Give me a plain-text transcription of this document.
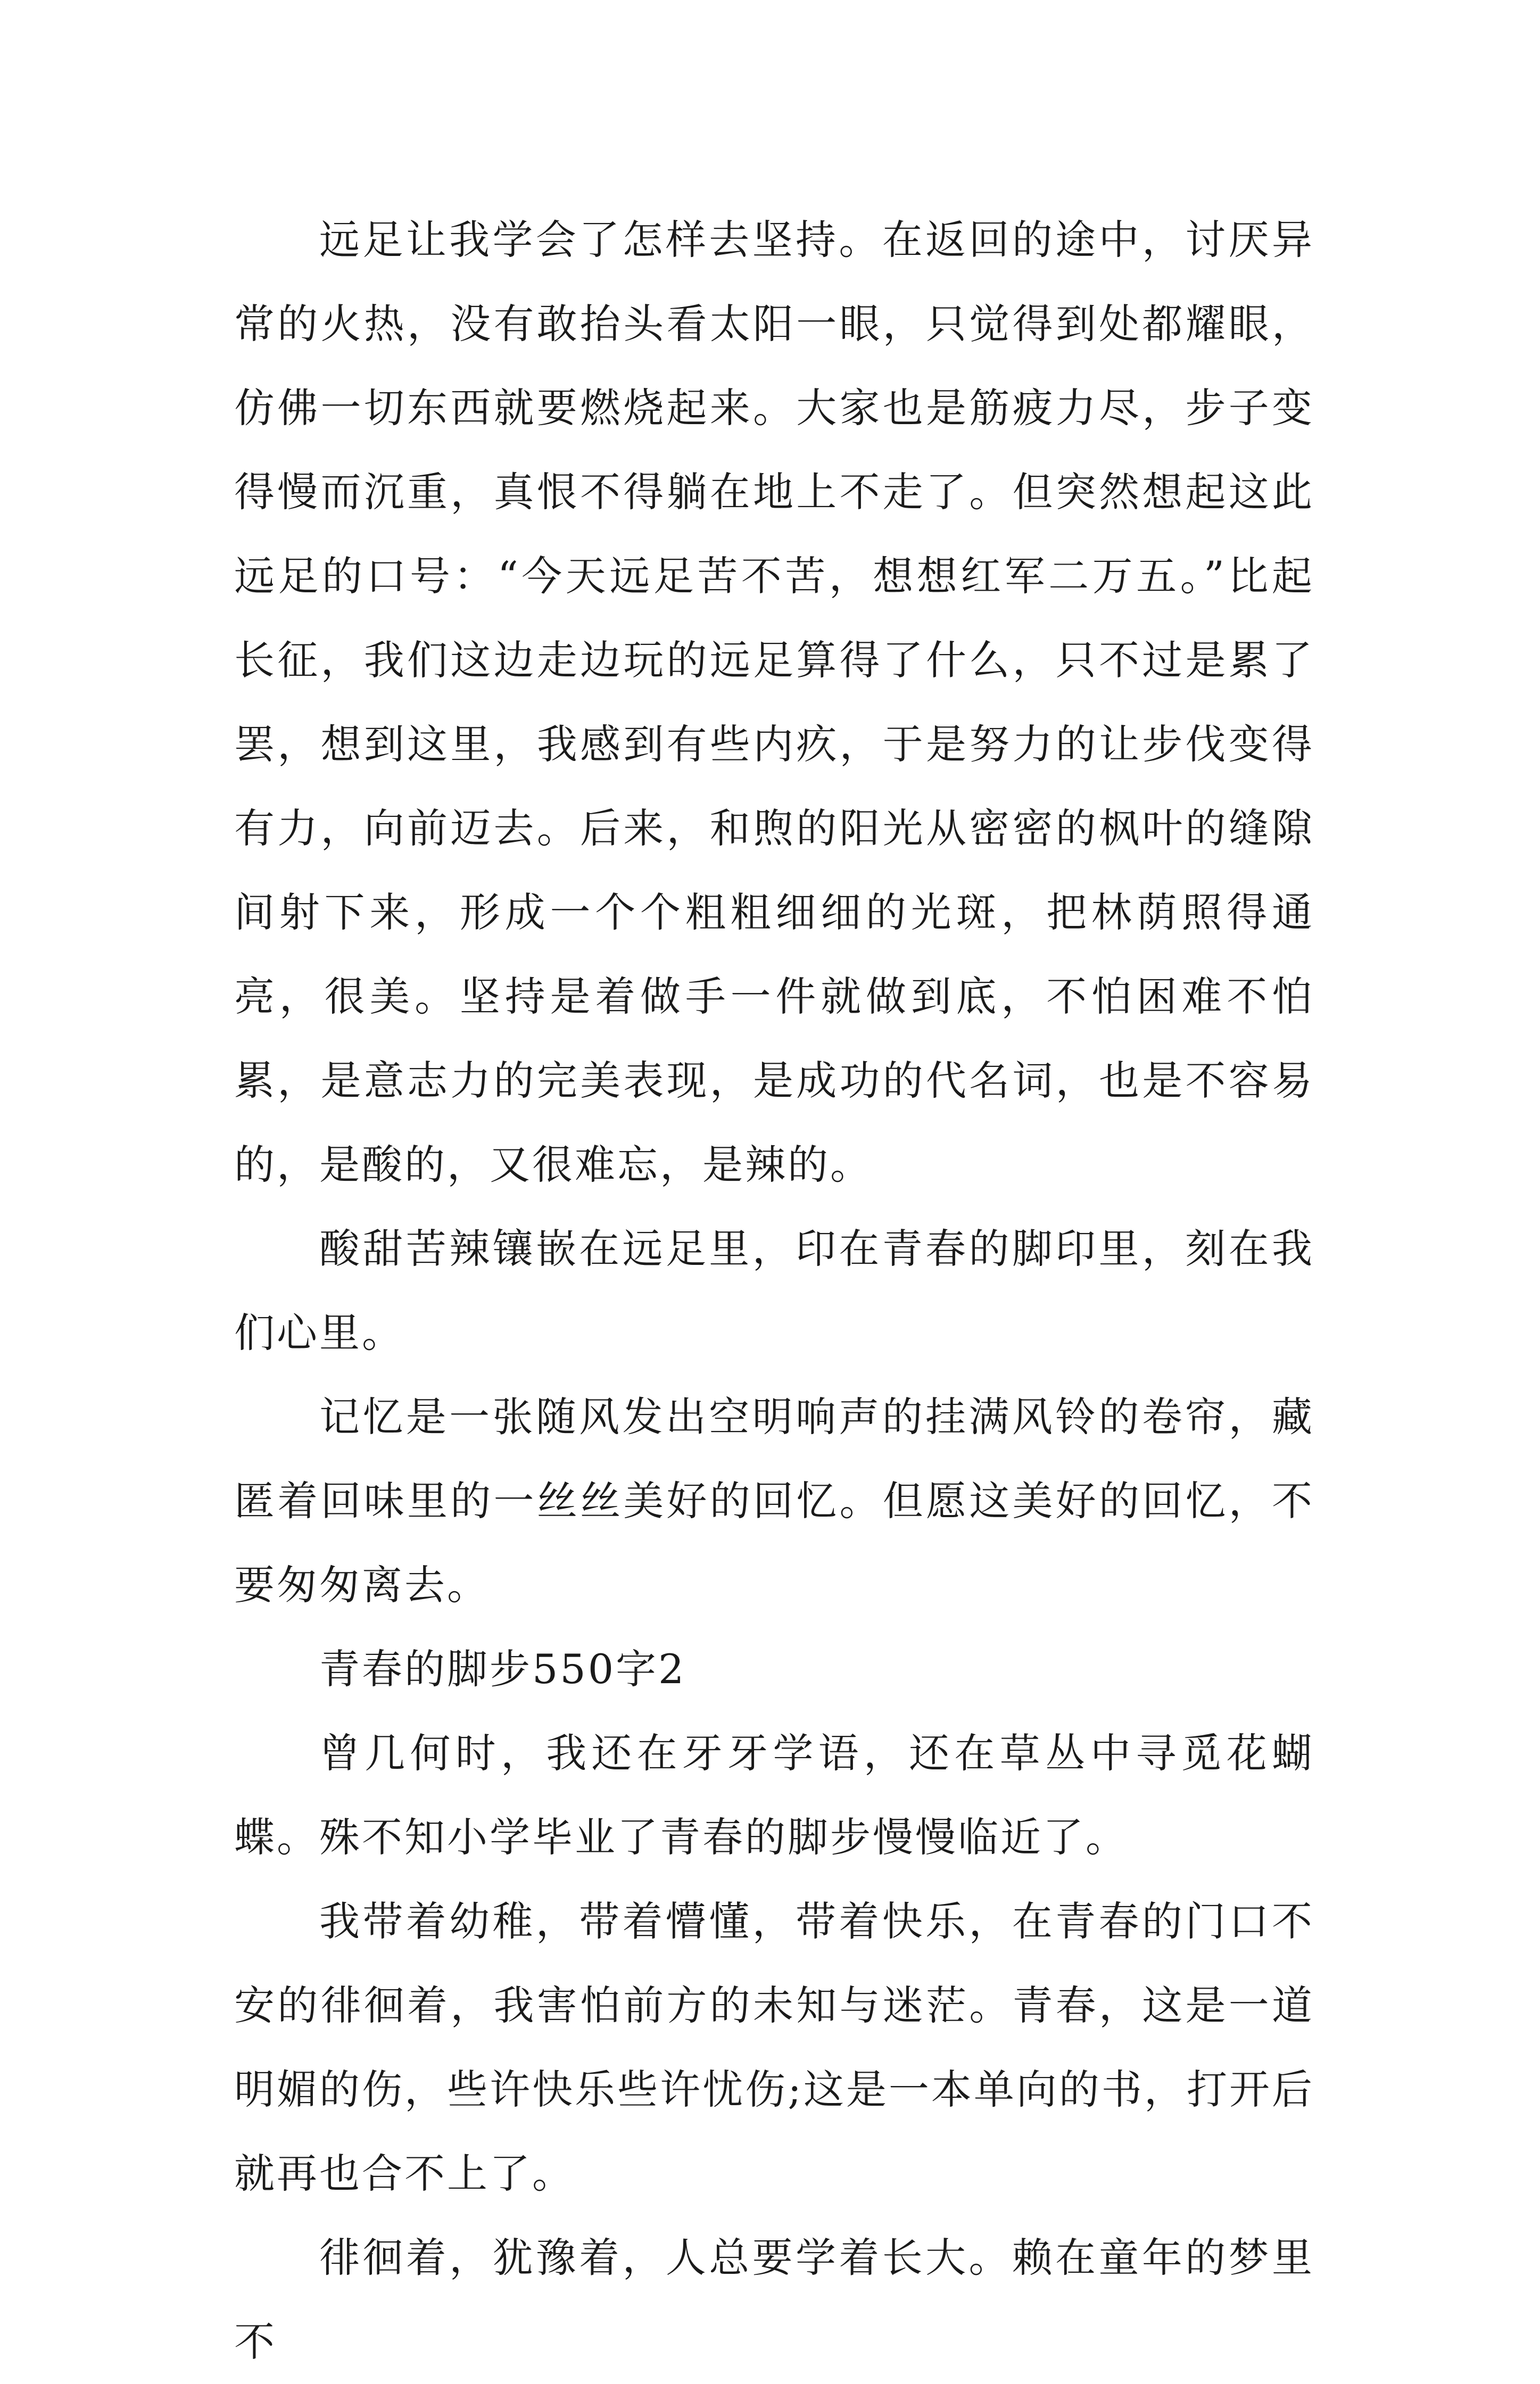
远足让我学会了怎样去坚持。在返回的途中，讨厌异常的火热，没有敢抬头看太阳一眼，只觉得到处都耀眼，仿佛一切东西就要燃烧起来。大家也是筋疲力尽，步子变得慢而沉重，真恨不得躺在地上不走了。但突然想起这此远足的口号：“今天远足苦不苦，想想红军二万五。”比起长征，我们这边走边玩的远足算得了什么，只不过是累了罢，想到这里，我感到有些内疚，于是努力的让步伐变得有力，向前迈去。后来，和煦的阳光从密密的枫叶的缝隙间射下来，形成一个个粗粗细细的光斑，把林荫照得通亮，很美。坚持是着做手一件就做到底，不怕困难不怕累，是意志力的完美表现，是成功的代名词，也是不容易的，是酸的，又很难忘，是辣的。

酸甜苦辣镶嵌在远足里，印在青春的脚印里，刻在我们心里。

记忆是一张随风发出空明响声的挂满风铃的卷帘，藏匿着回味里的一丝丝美好的回忆。但愿这美好的回忆，不要匆匆离去。

青春的脚步550字2

曾几何时，我还在牙牙学语，还在草丛中寻觅花蝴蝶。殊不知小学毕业了青春的脚步慢慢临近了。

我带着幼稚，带着懵懂，带着快乐，在青春的门口不安的徘徊着，我害怕前方的未知与迷茫。青春，这是一道明媚的伤，些许快乐些许忧伤;这是一本单向的书，打开后就再也合不上了。

徘徊着，犹豫着，人总要学着长大。赖在童年的梦里不
